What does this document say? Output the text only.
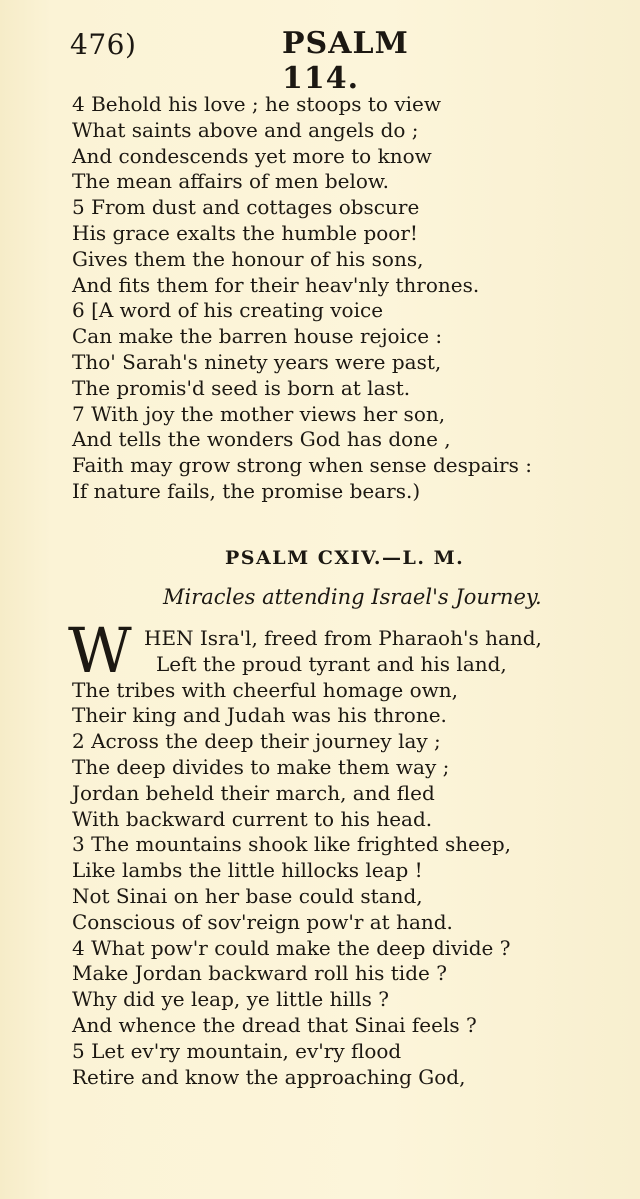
476)	PSALM 114.
4 Behold his love ; he stoops to view
What saints above and angels do ;
And condescends yet more to know
The mean affairs of men below.
5 From dust and cottages obscure
His grace exalts the humble poor!
Gives them the honour of his sons,
And fits them for their heav'nly thrones.
6 [A word of his creating voice
Can make the barren house rejoice :
Tho' Sarah's ninety years were past,
The promis'd seed is born at last.
7 With joy the mother views her son,
And tells the wonders God has done ,
Faith may grow strong when sense despairs :
If nature fails, the promise bears.)
PSALM CXIV.—L. M.
Miracles attending Israel's Journey.
W HEN Isra'l, freed from Pharaoh's hand,
Left the proud tyrant and his land,
The tribes with cheerful homage own,
Their king and Judah was his throne.
2 Across the deep their journey lay ;
The deep divides to make them way ;
Jordan beheld their march, and fled
With backward current to his head.
3 The mountains shook like frighted sheep,
Like lambs the little hillocks leap !
Not Sinai on her base could stand,
Conscious of sov'reign pow'r at hand.
4 What pow'r could make the deep divide ?
Make Jordan backward roll his tide ?
Why did ye leap, ye little hills ?
And whence the dread that Sinai feels ?
5 Let ev'ry mountain, ev'ry flood
Retire and know the approaching God,
